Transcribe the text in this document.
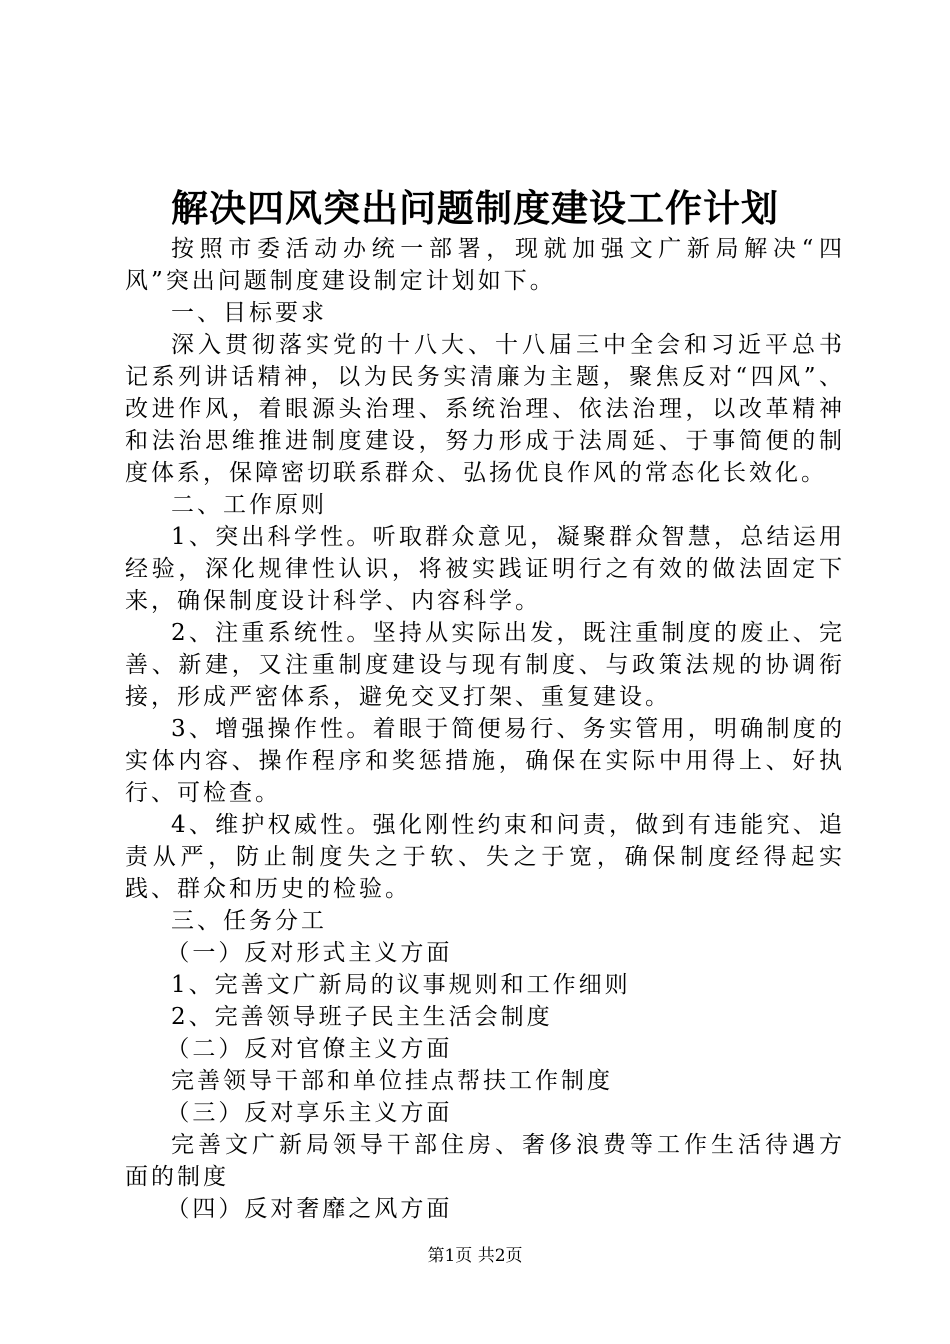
解决四风突出问题制度建设工作计划

按照市委活动办统一部署，现就加强文广新局解决“四风”突出问题制度建设制定计划如下。

一、目标要求

深入贯彻落实党的十八大、十八届三中全会和习近平总书记系列讲话精神，以为民务实清廉为主题，聚焦反对“四风”、改进作风，着眼源头治理、系统治理、依法治理，以改革精神和法治思维推进制度建设，努力形成于法周延、于事简便的制度体系，保障密切联系群众、弘扬优良作风的常态化长效化。

二、工作原则

1、突出科学性。听取群众意见，凝聚群众智慧，总结运用经验，深化规律性认识，将被实践证明行之有效的做法固定下来，确保制度设计科学、内容科学。

2、注重系统性。坚持从实际出发，既注重制度的废止、完善、新建，又注重制度建设与现有制度、与政策法规的协调衔接，形成严密体系，避免交叉打架、重复建设。

3、增强操作性。着眼于简便易行、务实管用，明确制度的实体内容、操作程序和奖惩措施，确保在实际中用得上、好执行、可检查。

4、维护权威性。强化刚性约束和问责，做到有违能究、追责从严，防止制度失之于软、失之于宽，确保制度经得起实践、群众和历史的检验。

三、任务分工

（一）反对形式主义方面

1、完善文广新局的议事规则和工作细则

2、完善领导班子民主生活会制度

（二）反对官僚主义方面

完善领导干部和单位挂点帮扶工作制度

（三）反对享乐主义方面

完善文广新局领导干部住房、奢侈浪费等工作生活待遇方面的制度

（四）反对奢靡之风方面

第1页 共2页
